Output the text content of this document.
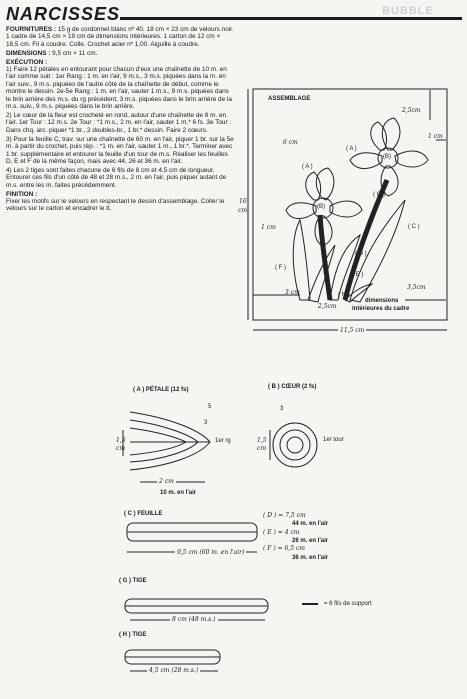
NARCISSES	BUBBLE

FOURNITURES : 15 g de cordonnet blanc nº 40. 18 cm × 23 cm de velours noir. 1 cadre de 14,5 cm × 19 cm de dimensions intérieures. 1 carton de 12 cm × 18,5 cm. Fil à coudre. Colle. Crochet acier nº 1,00. Aiguille à coudre.

DIMENSIONS : 9,5 cm × 11 cm.

EXÉCUTION :

1) Faire 12 pétales en entourant pour chacun d'eux une chaînette de 10 m. en l'air comme suit : 1er Rang : 1 m. en l'air, 9 m.s., 3 m.s. piquées dans la m. en l'air suiv., 9 m.s. piquées de l'autre côté de la chaînette de début, comme le montre le dessin. 2e-5e Rang : 1 m. en l'air, sauter 1 m.s., 9 m.s. piquées dans le brin arrière des m.s. du rg précédent, 3 m.s. piquées dans le brin arrière de la m.s. suiv., 9 m.s. piquées dans le brin arrière.

2) Le cœur de la fleur est crocheté en rond, autour d'une chaînette de 8 m. en l'air. 1er Tour : 12 m.s. 2e Tour : *1 m.s., 2 m. en l'air, sauter 1 m.* 6 fs. 3e Tour : Dans chq. arc. piquer *1 br., 2 doubles-br., 1 br.* dessin. Faire 2 cœurs.

3) Pour la feuille C, trav. sur une chaînette de 60 m. en l'air, piquer 1 br. sur la 5e m. à partir du crochet, puis rép. : *1 m. en l'air, sauter 1 m., 1 br.*. Terminer avec 1 br. supplémentaire et entourer la feuille d'un tour de m.s. Réaliser les feuilles D, E et F de la même façon, mais avec 44, 26 et 36 m. en l'air.

4) Les 2 tiges sont faites chacune de 6 fils de 8 cm et 4,5 cm de longueur. Entourer ces fils d'un côté de 48 et 28 m.s., 2 m. en l'air, puis piquer autant de m.s. entre les m. faites précédemment.

FINITION :

Fixer les motifs sur le velours en respectant le dessin d'assemblage. Coller le velours sur le carton et encadrer le tt.

ASSEMBLAGE
2,5cm
6 cm
1 cm
( A )
( A )
(B)
(B)
( G )
( C )
( D )
( E )
( F )
1 cm
16
cm
3 cm	( H )
2,5cm
3,5cm
dimensions
intérieures du cadre
11,5 cm
( A ) PÉTALE (12 fs)
5
3
1er rg
1,5
cm
2 cm
10 m. en l'air
( B ) CŒUR (2 fs)
3
1,5
cm
1er tour
( C ) FEUILLE
9,5 cm (60 m. en l'air)
( D ) = 7,5 cm
44 m. en l'air
( E ) = 4 cm
26 m. en l'air
( F ) = 6,5 cm
36 m. en l'air
( G ) TIGE
8 cm (48 m.s.)
= 6 fils de support
( H ) TIGE
4,5 cm (28 m.s.)
